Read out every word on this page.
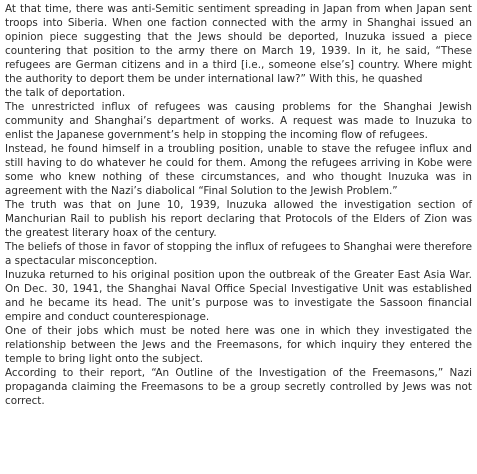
At that time, there was anti-Semitic sentiment spreading in Japan from when Japan sent troops into Siberia. When one faction connected with the army in Shanghai issued an opinion piece suggesting that the Jews should be deported, Inuzuka issued a piece countering that position to the army there on March 19, 1939. In it, he said, “These refugees are German citizens and in a third [i.e., someone else’s] country. Where might the authority to deport them be under international law?” With this, he quashed

the talk of deportation.

The unrestricted influx of refugees was causing problems for the Shanghai Jewish community and Shanghai’s department of works. A request was made to Inuzuka to enlist the Japanese government’s help in stopping the incoming flow of refugees.

Instead, he found himself in a troubling position, unable to stave the refugee influx and still having to do whatever he could for them. Among the refugees arriving in Kobe were some who knew nothing of these circumstances, and who thought Inuzuka was in agreement with the Nazi’s diabolical “Final Solution to the Jewish Problem.”

The truth was that on June 10, 1939, Inuzuka allowed the investigation section of Manchurian Rail to publish his report declaring that Protocols of the Elders of Zion was the greatest literary hoax of the century.

The beliefs of those in favor of stopping the influx of refugees to Shanghai were therefore a spectacular misconception.

Inuzuka returned to his original position upon the outbreak of the Greater East Asia War. On Dec. 30, 1941, the Shanghai Naval Office Special Investigative Unit was established and he became its head. The unit’s purpose was to investigate the Sassoon financial empire and conduct counterespionage.

One of their jobs which must be noted here was one in which they investigated the relationship between the Jews and the Freemasons, for which inquiry they entered the temple to bring light onto the subject.

According to their report, “An Outline of the Investigation of the Freemasons,” Nazi propaganda claiming the Freemasons to be a group secretly controlled by Jews was not correct.
